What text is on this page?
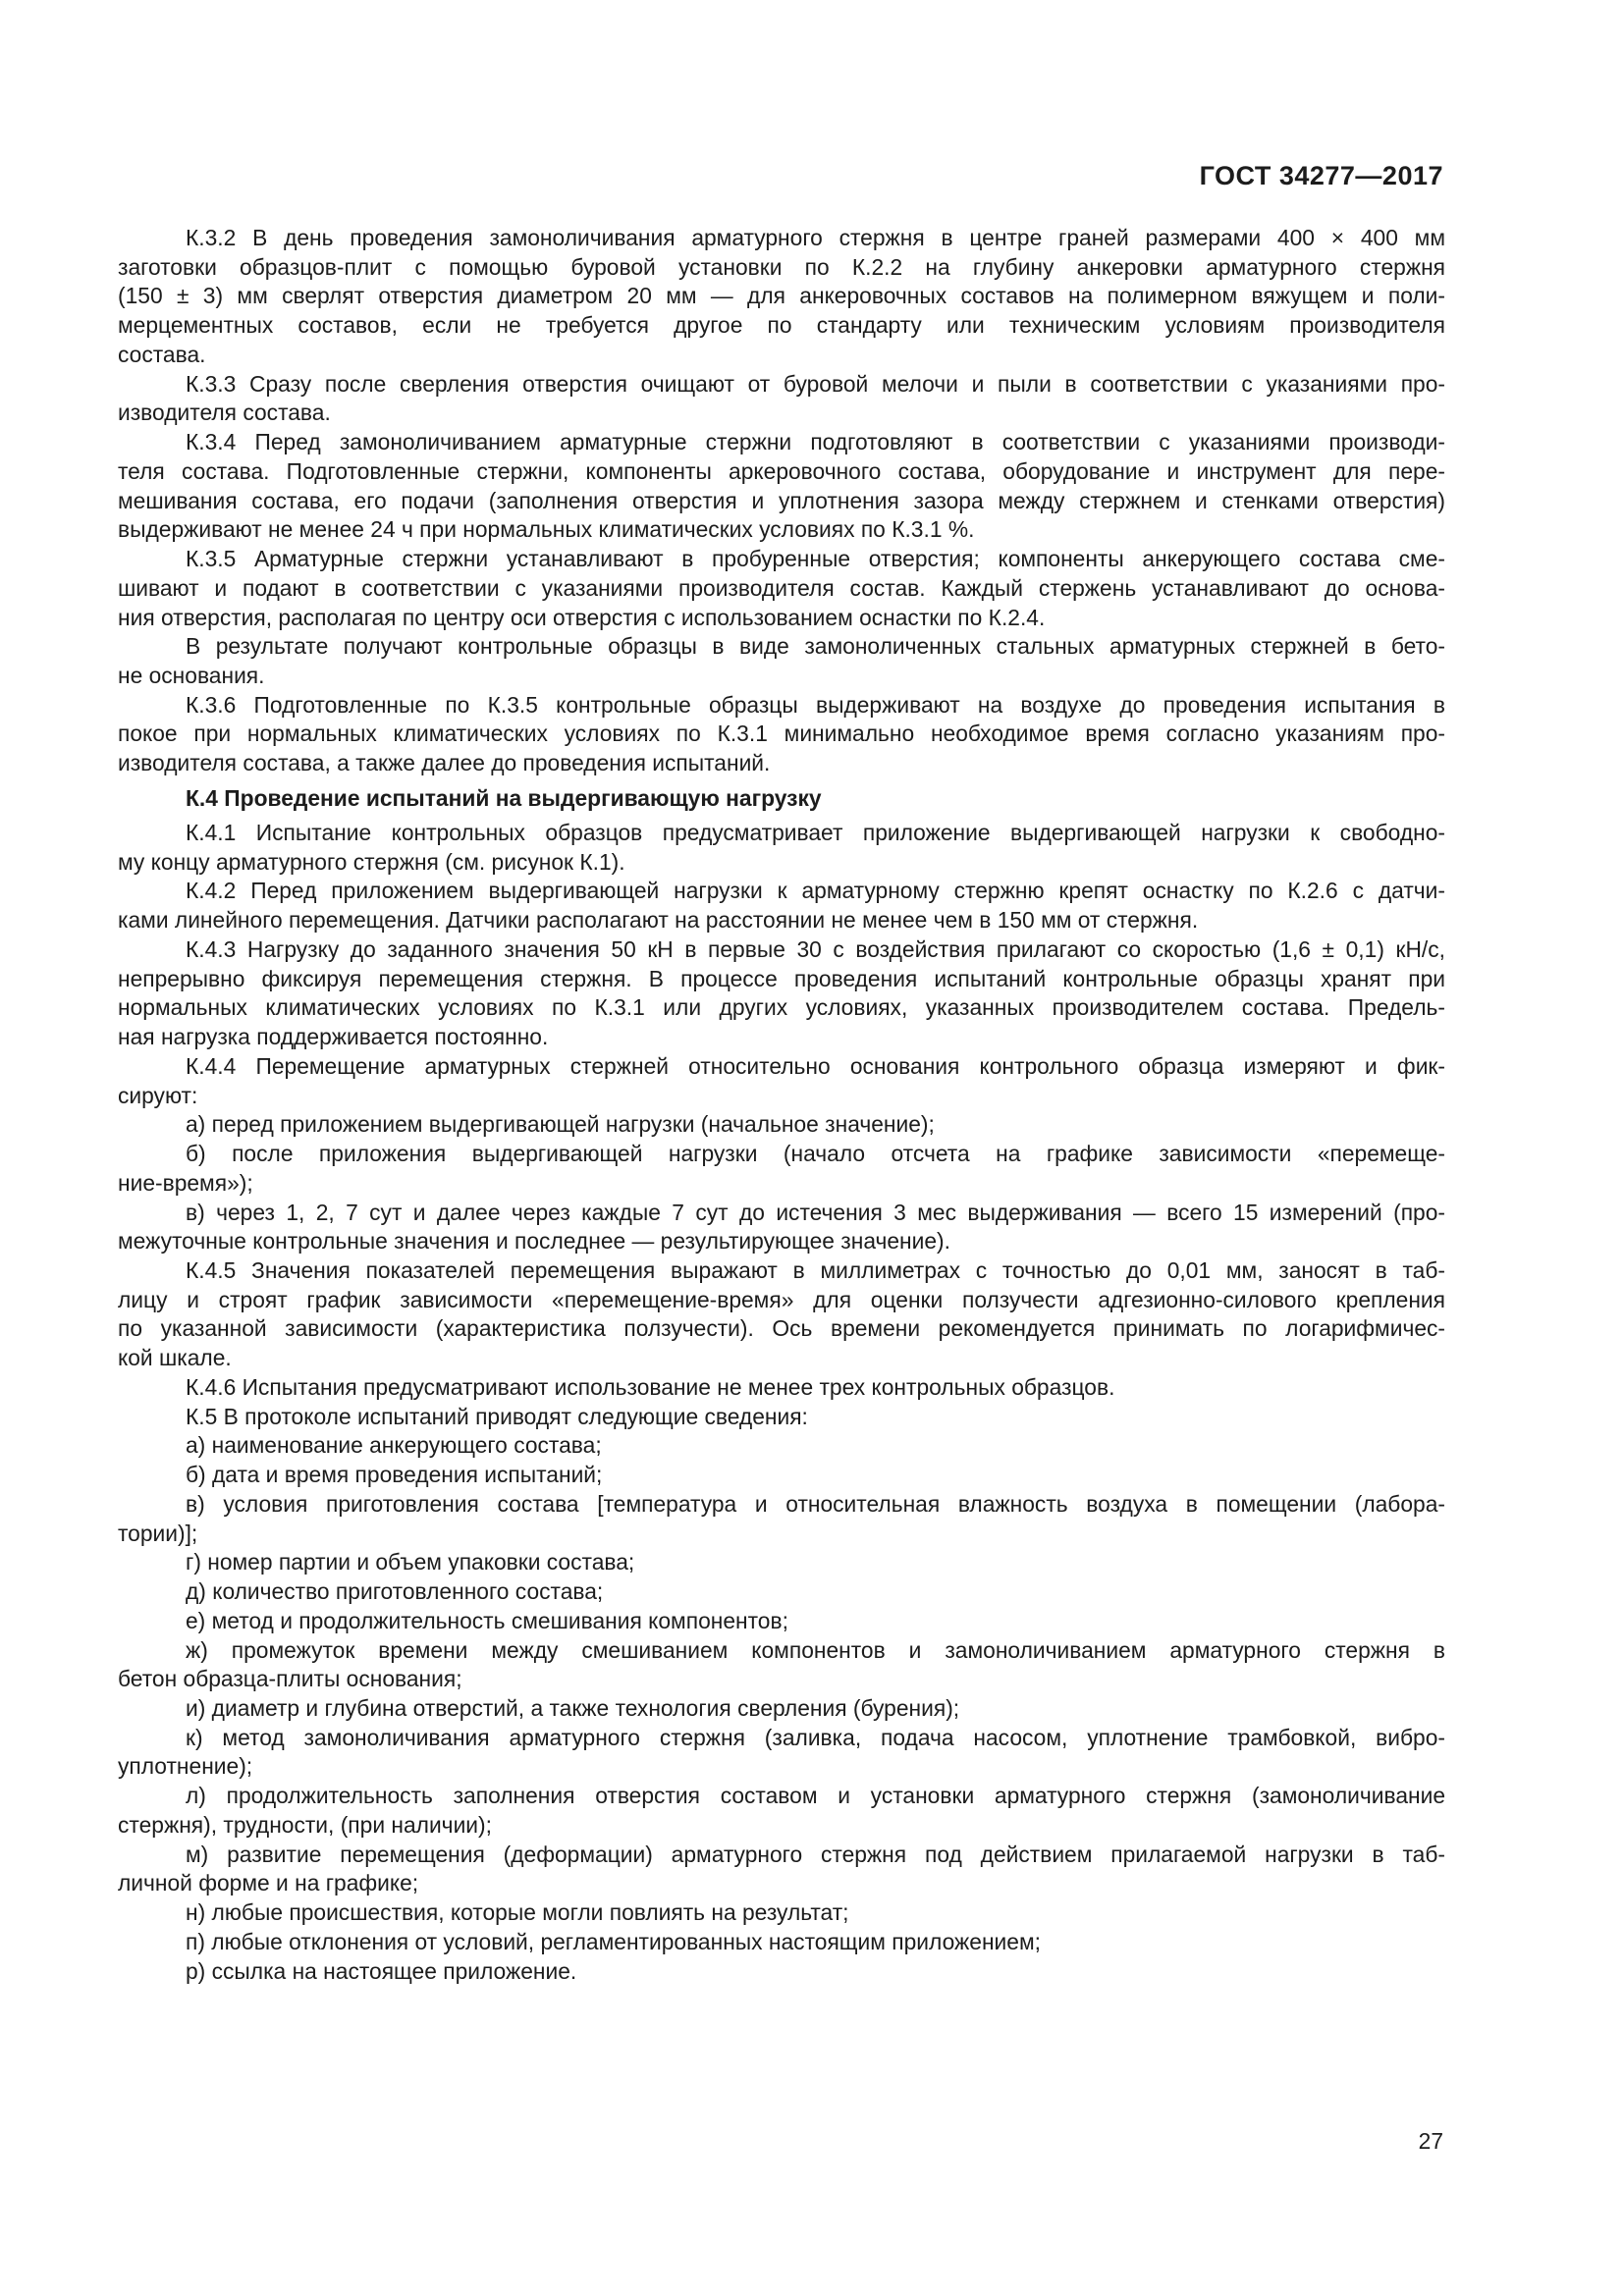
ГОСТ 34277—2017
К.3.2 В день проведения замоноличивания арматурного стержня в центре граней размерами 400 × 400 мм
заготовки образцов-плит с помощью буровой установки по К.2.2 на глубину анкеровки арматурного стержня
(150 ± 3) мм сверлят отверстия диаметром 20 мм — для анкеровочных составов на полимерном вяжущем и поли-
мерцементных составов, если не требуется другое по стандарту или техническим условиям производителя
состава.
К.3.3 Сразу после сверления отверстия очищают от буровой мелочи и пыли в соответствии с указаниями про-
изводителя состава.
К.3.4 Перед замоноличиванием арматурные стержни подготовляют в соответствии с указаниями производи-
теля состава. Подготовленные стержни, компоненты аркеровочного состава, оборудование и инструмент для пере-
мешивания состава, его подачи (заполнения отверстия и уплотнения зазора между стержнем и стенками отверстия)
выдерживают не менее 24 ч при нормальных климатических условиях по К.3.1 %.
К.3.5 Арматурные стержни устанавливают в пробуренные отверстия; компоненты анкерующего состава сме-
шивают и подают в соответствии с указаниями производителя состав. Каждый стержень устанавливают до основа-
ния отверстия, располагая по центру оси отверстия с использованием оснастки по К.2.4.
В результате получают контрольные образцы в виде замоноличенных стальных арматурных стержней в бето-
не основания.
К.3.6 Подготовленные по К.3.5 контрольные образцы выдерживают на воздухе до проведения испытания в
покое при нормальных климатических условиях по К.3.1 минимально необходимое время согласно указаниям про-
изводителя состава, а также далее до проведения испытаний.
К.4 Проведение испытаний на выдергивающую нагрузку
К.4.1 Испытание контрольных образцов предусматривает приложение выдергивающей нагрузки к свободно-
му концу арматурного стержня (см. рисунок К.1).
К.4.2 Перед приложением выдергивающей нагрузки к арматурному стержню крепят оснастку по К.2.6 с датчи-
ками линейного перемещения. Датчики располагают на расстоянии не менее чем в 150 мм от стержня.
К.4.3 Нагрузку до заданного значения 50 кН в первые 30 с воздействия прилагают со скоростью (1,6 ± 0,1) кН/с,
непрерывно фиксируя перемещения стержня. В процессе проведения испытаний контрольные образцы хранят при
нормальных климатических условиях по К.3.1 или других условиях, указанных производителем состава. Предель-
ная нагрузка поддерживается постоянно.
К.4.4 Перемещение арматурных стержней относительно основания контрольного образца измеряют и фик-
сируют:
а) перед приложением выдергивающей нагрузки (начальное значение);
б) после приложения выдергивающей нагрузки (начало отсчета на графике зависимости «перемеще-
ние-время»);
в) через 1, 2, 7 сут и далее через каждые 7 сут до истечения 3 мес выдерживания — всего 15 измерений (про-
межуточные контрольные значения и последнее — результирующее значение).
К.4.5 Значения показателей перемещения выражают в миллиметрах с точностью до 0,01 мм, заносят в таб-
лицу и строят график зависимости «перемещение-время» для оценки ползучести адгезионно-силового крепления
по указанной зависимости (характеристика ползучести). Ось времени рекомендуется принимать по логарифмичес-
кой шкале.
К.4.6 Испытания предусматривают использование не менее трех контрольных образцов.
К.5 В протоколе испытаний приводят следующие сведения:
а) наименование анкерующего состава;
б) дата и время проведения испытаний;
в) условия приготовления состава [температура и относительная влажность воздуха в помещении (лабора-
тории)];
г) номер партии и объем упаковки состава;
д) количество приготовленного состава;
е) метод и продолжительность смешивания компонентов;
ж) промежуток времени между смешиванием компонентов и замоноличиванием арматурного стержня в
бетон образца-плиты основания;
и) диаметр и глубина отверстий, а также технология сверления (бурения);
к) метод замоноличивания арматурного стержня (заливка, подача насосом, уплотнение трамбовкой, вибро-
уплотнение);
л) продолжительность заполнения отверстия составом и установки арматурного стержня (замоноличивание
стержня), трудности, (при наличии);
м) развитие перемещения (деформации) арматурного стержня под действием прилагаемой нагрузки в таб-
личной форме и на графике;
н) любые происшествия, которые могли повлиять на результат;
п) любые отклонения от условий, регламентированных настоящим приложением;
р) ссылка на настоящее приложение.
27
